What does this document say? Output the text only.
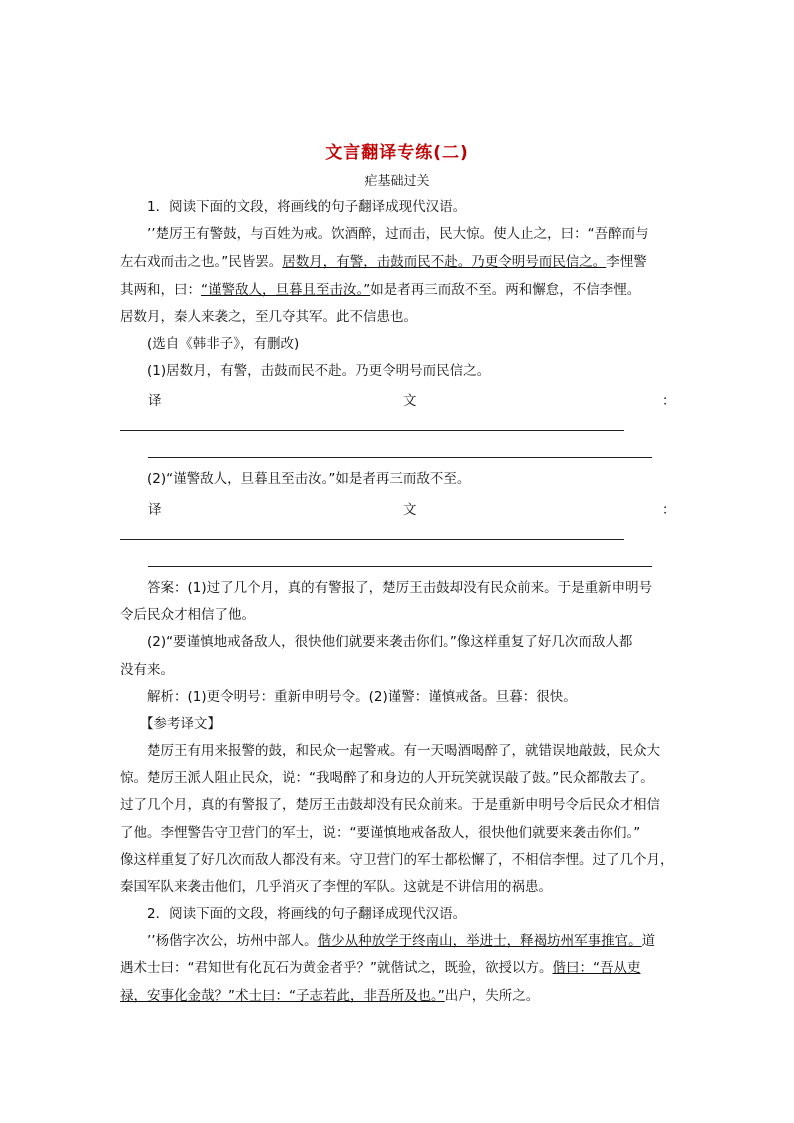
文言翻译专练(二)
疟基础过关
1．阅读下面的文段，将画线的句子翻译成现代汉语。
’’楚厉王有警鼓，与百姓为戒。饮酒醉，过而击，民大惊。使人止之，曰：“吾醉而与
左右戏而击之也。”民皆罢。居数月，有警，击鼓而民不赴。乃更令明号而民信之。李悝警
其两和，曰：“谨警敌人，旦暮且至击汝。”如是者再三而敌不至。两和懈怠，不信李悝。
居数月，秦人来袭之，至几夺其军。此不信患也。
(选自《韩非子》，有删改)
(1)居数月，有警，击鼓而民不赴。乃更令明号而民信之。
译	文	：
(2)“谨警敌人，旦暮且至击汝。”如是者再三而敌不至。
译	文	：
答案：(1)过了几个月，真的有警报了，楚厉王击鼓却没有民众前来。于是重新申明号
令后民众才相信了他。
(2)“要谨慎地戒备敌人，很快他们就要来袭击你们。”像这样重复了好几次而敌人都
没有来。
解析：(1)更令明号：重新申明号令。(2)谨警：谨慎戒备。旦暮：很快。
【参考译文】
楚厉王有用来报警的鼓，和民众一起警戒。有一天喝酒喝醉了，就错误地敲鼓，民众大
惊。楚厉王派人阻止民众，说：“我喝醉了和身边的人开玩笑就误敲了鼓。”民众都散去了。
过了几个月，真的有警报了，楚厉王击鼓却没有民众前来。于是重新申明号令后民众才相信
了他。李悝警告守卫营门的军士，说：“要谨慎地戒备敌人，很快他们就要来袭击你们。”
像这样重复了好几次而敌人都没有来。守卫营门的军士都松懈了，不相信李悝。过了几个月，
秦国军队来袭击他们，几乎消灭了李悝的军队。这就是不讲信用的祸患。
2．阅读下面的文段，将画线的句子翻译成现代汉语。
’’杨偕字次公，坊州中部人。偕少从种放学于终南山，举进士，释褐坊州军事推官。道
遇术士曰：“君知世有化瓦石为黄金者乎？”就偕试之，既验，欲授以方。偕曰：“吾从吏
禄，安事化金哉？”术士曰：“子志若此，非吾所及也。”出户，失所之。
